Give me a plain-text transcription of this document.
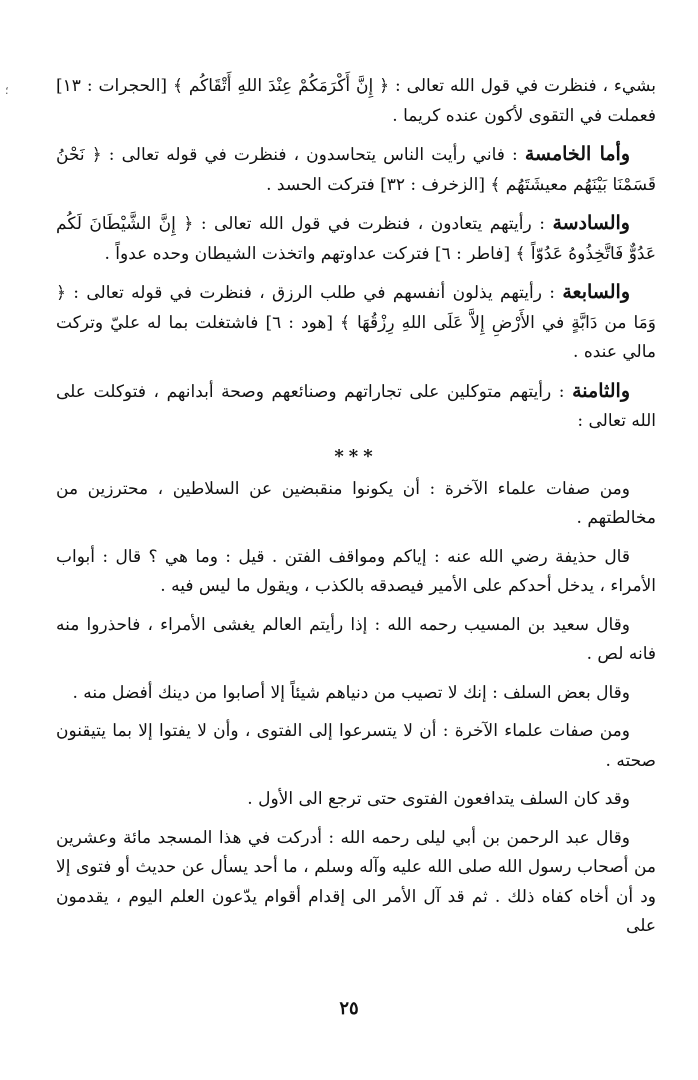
؛	بشيء ، فنظرت في قول الله تعالى : ﴿ إِنَّ أَكْرَمَكُمْ عِنْدَ اللهِ أَتْقَاكُم ﴾ [الحجرات : ١٣] فعملت في التقوى لأكون عنده كريما .

وأما الخامسة : فاني رأيت الناس يتحاسدون ، فنظرت في قوله تعالى : ﴿ نَحْنُ قَسَمْنَا بَيْنَهُم معيشَتَهُم ﴾ [الزخرف : ٣٢] فتركت الحسد .

والسادسة : رأيتهم يتعادون ، فنظرت في قول الله تعالى : ﴿ إِنَّ الشَّيْطَانَ لَكُم عَدُوٌّ فَاتَّخِذُوهُ عَدُوّاً ﴾ [فاطر : ٦] فتركت عداوتهم واتخذت الشيطان وحده عدواً .

والسابعة : رأيتهم يذلون أنفسهم في طلب الرزق ، فنظرت في قوله تعالى : ﴿ وَمَا من دَابَّةٍ في الأَرْضِ إِلاَّ عَلَى اللهِ رِزْقُهَا ﴾ [هود : ٦] فاشتغلت بما له عليّ وتركت مالي عنده .

والثامنة : رأيتهم متوكلين على تجاراتهم وصنائعهم وصحة أبدانهم ، فتوكلت على الله تعالى :

***

ومن صفات علماء الآخرة : أن يكونوا منقبضين عن السلاطين ، محترزين من مخالطتهم .

قال حذيفة رضي الله عنه : إياكم ومواقف الفتن . قيل : وما هي ؟ قال : أبواب الأمراء ، يدخل أحدكم على الأمير فيصدقه بالكذب ، ويقول ما ليس فيه .

وقال سعيد بن المسيب رحمه الله : إذا رأيتم العالم يغشى الأمراء ، فاحذروا منه فانه لص .

وقال بعض السلف : إنك لا تصيب من دنياهم شيئاً إلا أصابوا من دينك أفضل منه .

ومن صفات علماء الآخرة : أن لا يتسرعوا إلى الفتوى ، وأن لا يفتوا إلا بما يتيقنون صحته .

وقد كان السلف يتدافعون الفتوى حتى ترجع الى الأول .

وقال عبد الرحمن بن أبي ليلى رحمه الله : أدركت في هذا المسجد مائة وعشرين من أصحاب رسول الله صلى الله عليه وآله وسلم ، ما أحد يسأل عن حديث أو فتوى إلا ود أن أخاه كفاه ذلك . ثم قد آل الأمر الى إقدام أقوام يدّعون العلم اليوم ، يقدمون على

٢٥
